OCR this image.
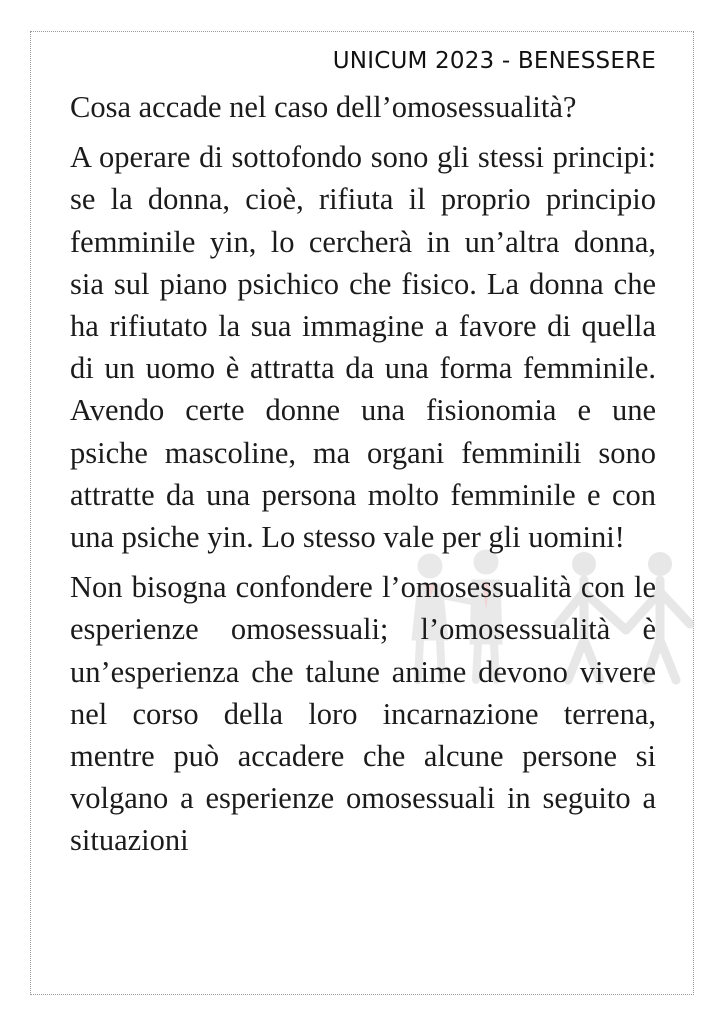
UNICUM 2023 - BENESSERE
Cosa accade nel caso dell’omosessualità?
A operare di sottofondo sono gli stessi principi: se la donna, cioè, rifiuta il proprio principio femminile yin, lo cercherà in un’altra donna, sia sul piano psichico che fisico. La donna che ha rifiutato la sua immagine a favore di quella di un uomo è attratta da una forma femminile. Avendo certe donne una fisionomia e une psiche mascoline, ma organi femminili sono attratte da una persona molto femminile e con una psiche yin. Lo stesso vale per gli uomini!
Non bisogna confondere l’omosessualità con le esperienze omosessuali; l’omosessualità è un’esperienza che talune anime devono vivere nel corso della loro incarnazione terrena, mentre può accadere che alcune persone si volgano a esperienze omosessuali in seguito a situazioni
